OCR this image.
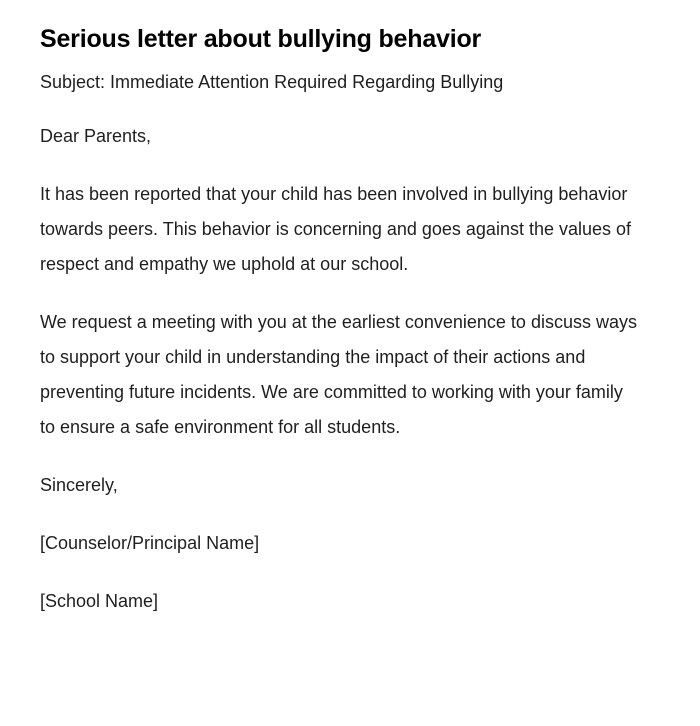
Serious letter about bullying behavior

Subject: Immediate Attention Required Regarding Bullying

Dear Parents,

It has been reported that your child has been involved in bullying behavior towards peers. This behavior is concerning and goes against the values of respect and empathy we uphold at our school.

We request a meeting with you at the earliest convenience to discuss ways to support your child in understanding the impact of their actions and preventing future incidents. We are committed to working with your family to ensure a safe environment for all students.

Sincerely,

[Counselor/Principal Name]

[School Name]
